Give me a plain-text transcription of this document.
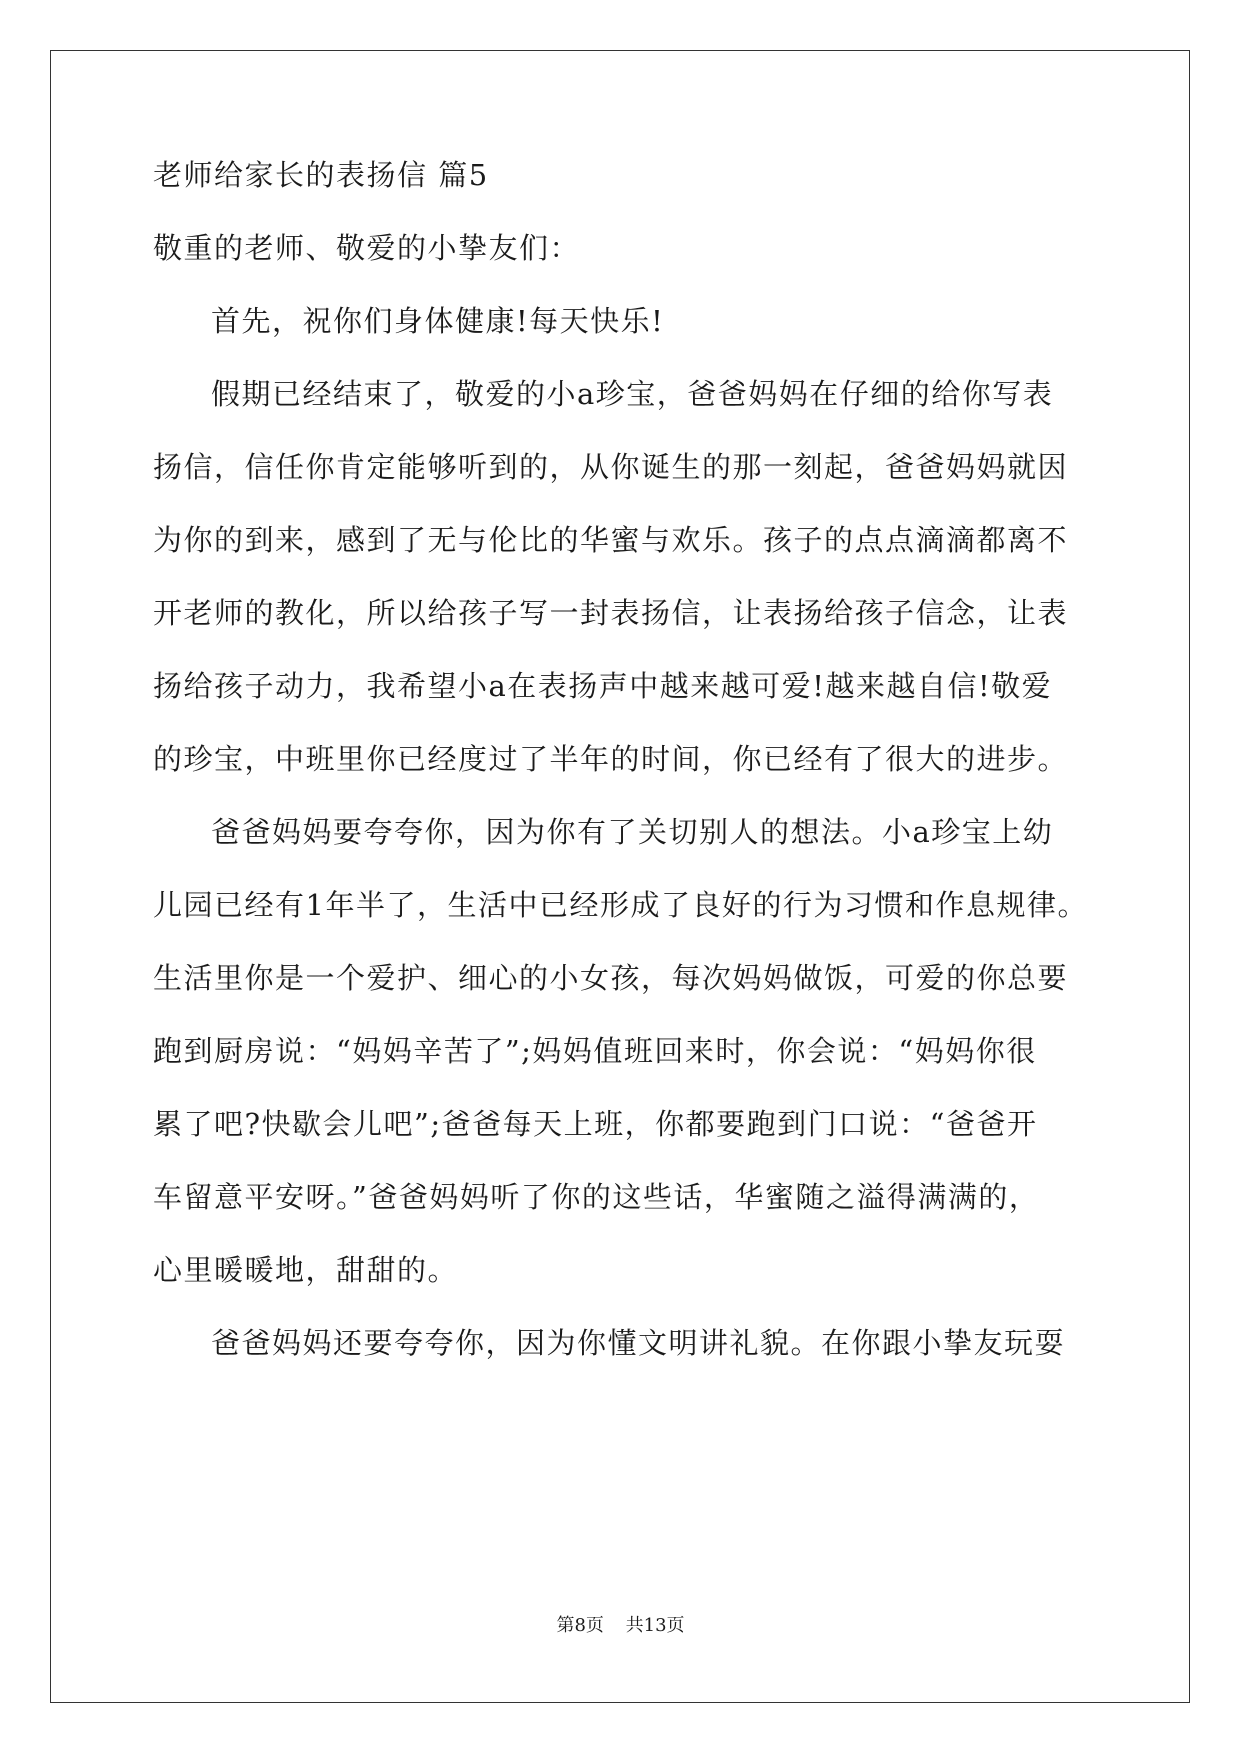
老师给家长的表扬信 篇5
敬重的老师、敬爱的小挚友们：
首先，祝你们身体健康!每天快乐!
假期已经结束了，敬爱的小a珍宝，爸爸妈妈在仔细的给你写表
扬信，信任你肯定能够听到的，从你诞生的那一刻起，爸爸妈妈就因
为你的到来，感到了无与伦比的华蜜与欢乐。孩子的点点滴滴都离不
开老师的教化，所以给孩子写一封表扬信，让表扬给孩子信念，让表
扬给孩子动力，我希望小a在表扬声中越来越可爱!越来越自信!敬爱
的珍宝，中班里你已经度过了半年的时间，你已经有了很大的进步。
爸爸妈妈要夸夸你，因为你有了关切别人的想法。小a珍宝上幼
儿园已经有1年半了，生活中已经形成了良好的行为习惯和作息规律。
生活里你是一个爱护、细心的小女孩，每次妈妈做饭，可爱的你总要
跑到厨房说：“妈妈辛苦了”;妈妈值班回来时，你会说：“妈妈你很
累了吧?快歇会儿吧”;爸爸每天上班，你都要跑到门口说：“爸爸开
车留意平安呀。”爸爸妈妈听了你的这些话，华蜜随之溢得满满的，
心里暖暖地，甜甜的。
爸爸妈妈还要夸夸你，因为你懂文明讲礼貌。在你跟小挚友玩耍
第8页 共13页
